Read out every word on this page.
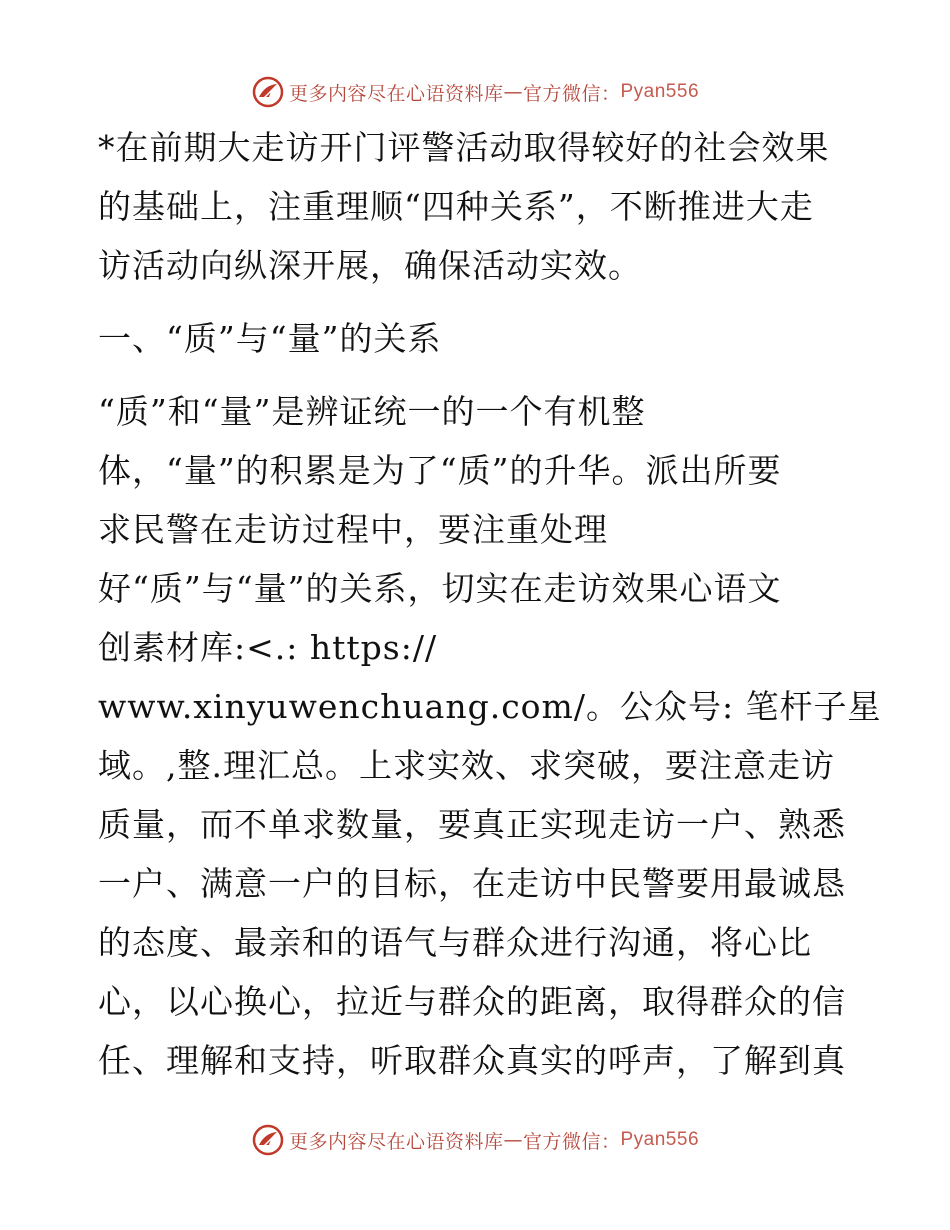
更多内容尽在心语资料库 — 官方微信： Pyan556
*在前期大走访开门评警活动取得较好的社会效果
的基础上，注重理顺“四种关系”，不断推进大走
访活动向纵深开展，确保活动实效。
一、“质”与“量”的关系
“质”和“量”是辨证统一的一个有机整
体，“量”的积累是为了“质”的升华。派出所要
求民警在走访过程中，要注重处理
好“质”与“量”的关系，切实在走访效果心语文
创素材库:<.: https://
www.xinyuwenchuang.com/。公众号: 笔杆子星
域。,整.理汇总。上求实效、求突破，要注意走访
质量，而不单求数量，要真正实现走访一户、熟悉
一户、满意一户的目标，在走访中民警要用最诚恳
的态度、最亲和的语气与群众进行沟通，将心比
心，以心换心，拉近与群众的距离，取得群众的信
任、理解和支持，听取群众真实的呼声，了解到真
更多内容尽在心语资料库 — 官方微信： Pyan556
